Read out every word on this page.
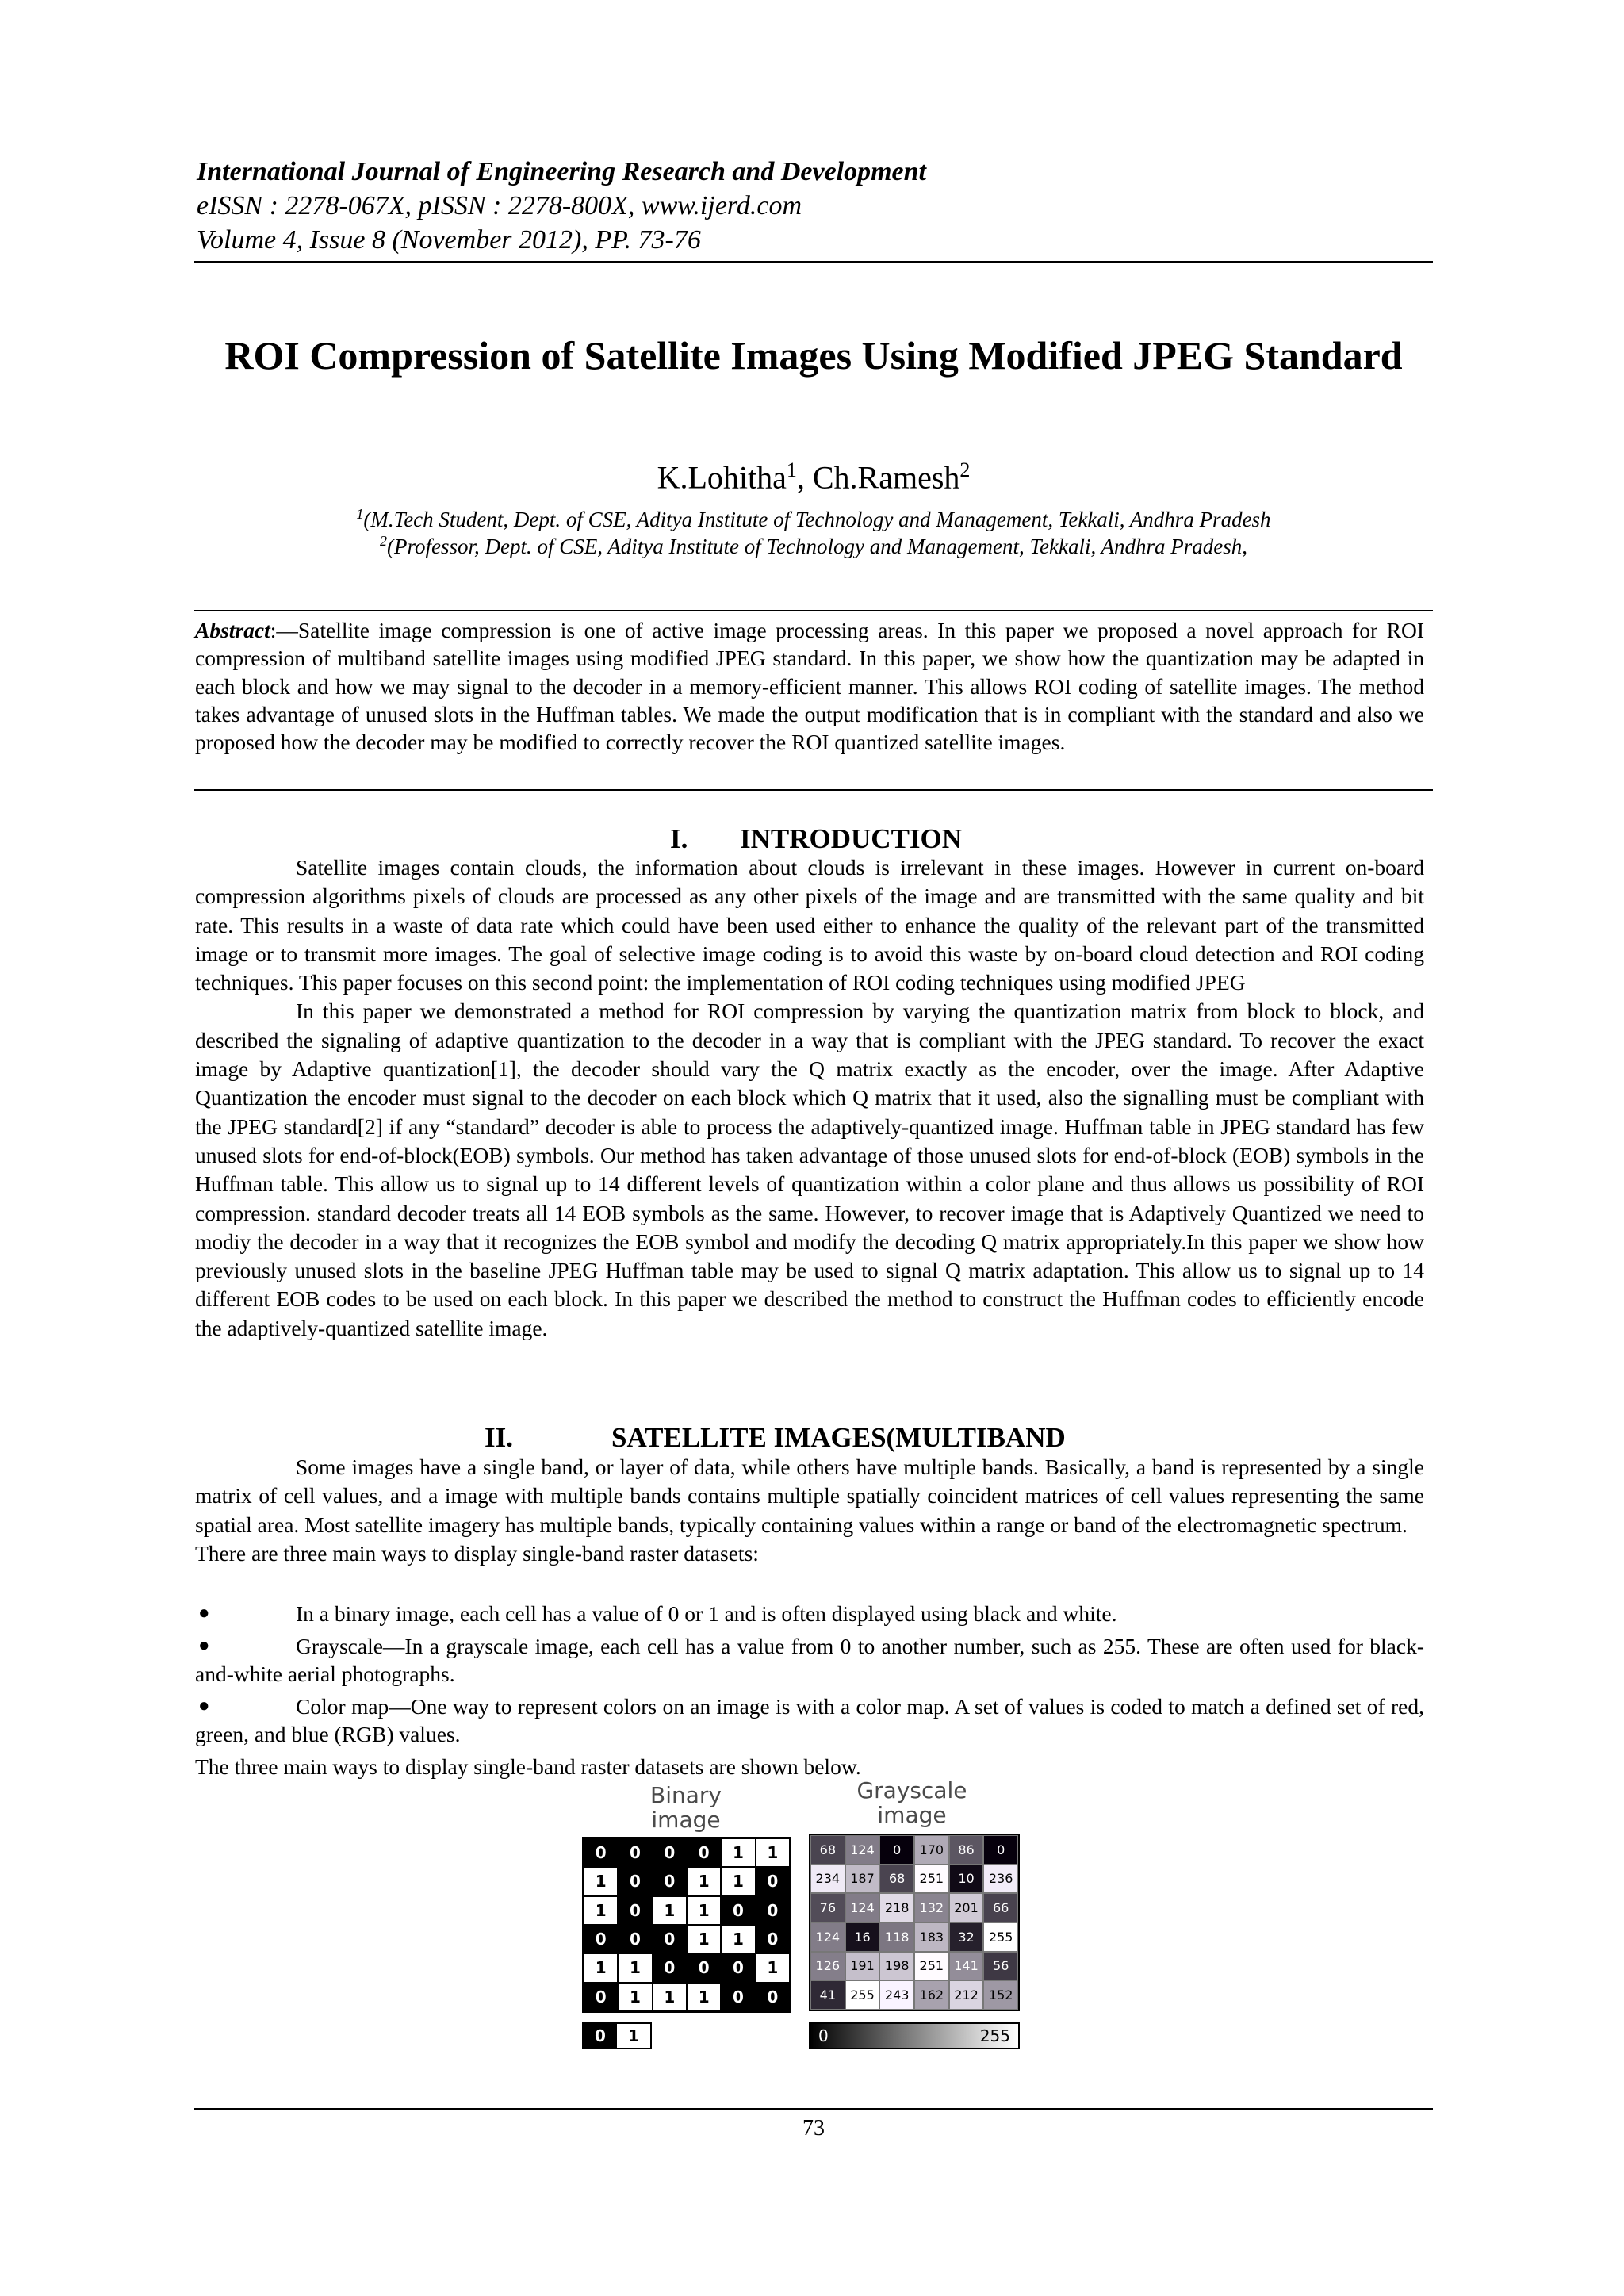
International Journal of Engineering Research and Development
eISSN : 2278-067X, pISSN : 2278-800X, www.ijerd.com
Volume 4, Issue 8 (November 2012), PP. 73-76
ROI Compression of Satellite Images Using Modified JPEG Standard
K.Lohitha$^1$, Ch.Ramesh$^2$
$^1$(M.Tech Student, Dept. of CSE, Aditya Institute of Technology and Management, Tekkali, Andhra Pradesh
$^2$(Professor, Dept. of CSE, Aditya Institute of Technology and Management, Tekkali, Andhra Pradesh,
Abstract:—Satellite image compression is one of active image processing areas. In this paper we proposed a novel approach for ROI compression of multiband satellite images using modified JPEG standard. In this paper, we show how the quantization may be adapted in each block and how we may signal to the decoder in a memory-efficient manner. This allows ROI coding of satellite images. The method takes advantage of unused slots in the Huffman tables. We made the output modification that is in compliant with the standard and also we proposed how the decoder may be modified to correctly recover the ROI quantized satellite images.
I. INTRODUCTION

Satellite images contain clouds, the information about clouds is irrelevant in these images. However in current on-board compression algorithms pixels of clouds are processed as any other pixels of the image and are transmitted with the same quality and bit rate. This results in a waste of data rate which could have been used either to enhance the quality of the relevant part of the transmitted image or to transmit more images. The goal of selective image coding is to avoid this waste by on-board cloud detection and ROI coding techniques. This paper focuses on this second point: the implementation of ROI coding techniques using modified JPEG

In this paper we demonstrated a method for ROI compression by varying the quantization matrix from block to block, and described the signaling of adaptive quantization to the decoder in a way that is compliant with the JPEG standard. To recover the exact image by Adaptive quantization[1], the decoder should vary the Q matrix exactly as the encoder, over the image. After Adaptive Quantization the encoder must signal to the decoder on each block which Q matrix that it used, also the signalling must be compliant with the JPEG standard[2] if any “standard” decoder is able to process the adaptively-quantized image. Huffman table in JPEG standard has few unused slots for end-of-block(EOB) symbols. Our method has taken advantage of those unused slots for end-of-block (EOB) symbols in the Huffman table. This allow us to signal up to 14 different levels of quantization within a color plane and thus allows us possibility of ROI compression. standard decoder treats all 14 EOB symbols as the same. However, to recover image that is Adaptively Quantized we need to modiy the decoder in a way that it recognizes the EOB symbol and modify the decoding Q matrix appropriately.In this paper we show how previously unused slots in the baseline JPEG Huffman table may be used to signal Q matrix adaptation. This allow us to signal up to 14 different EOB codes to be used on each block. In this paper we described the method to construct the Huffman codes to efficiently encode the adaptively-quantized satellite image.

II.	SATELLITE IMAGES(MULTIBAND

Some images have a single band, or layer of data, while others have multiple bands. Basically, a band is represented by a single matrix of cell values, and a image with multiple bands contains multiple spatially coincident matrices of cell values representing the same spatial area. Most satellite imagery has multiple bands, typically containing values within a range or band of the electromagnetic spectrum.

There are three main ways to display single-band raster datasets:

●	In a binary image, each cell has a value of 0 or 1 and is often displayed using black and white.
●	Grayscale—In a grayscale image, each cell has a value from 0 to another number, such as 255. These are often used for black-and-white aerial photographs.
●	Color map—One way to represent colors on an image is with a color map. A set of values is coded to match a defined set of red, green, and blue (RGB) values.
The three main ways to display single-band raster datasets are shown below.
Binary
image
0	0	0	0	1	1
1	0	0	1	1	0
1	0	1	1	0	0
0	0	0	1	1	0
1	1	0	0	0	1
0	1	1	1	0	0
0	1
Grayscale
image
68	124	0	170	86	0
234 187	68	251	10	236
76	124 218 132 201	66
124	16	118 183	32	255
126 191 198 251 141	56
41	255 243 162 212 152
0	255
73
